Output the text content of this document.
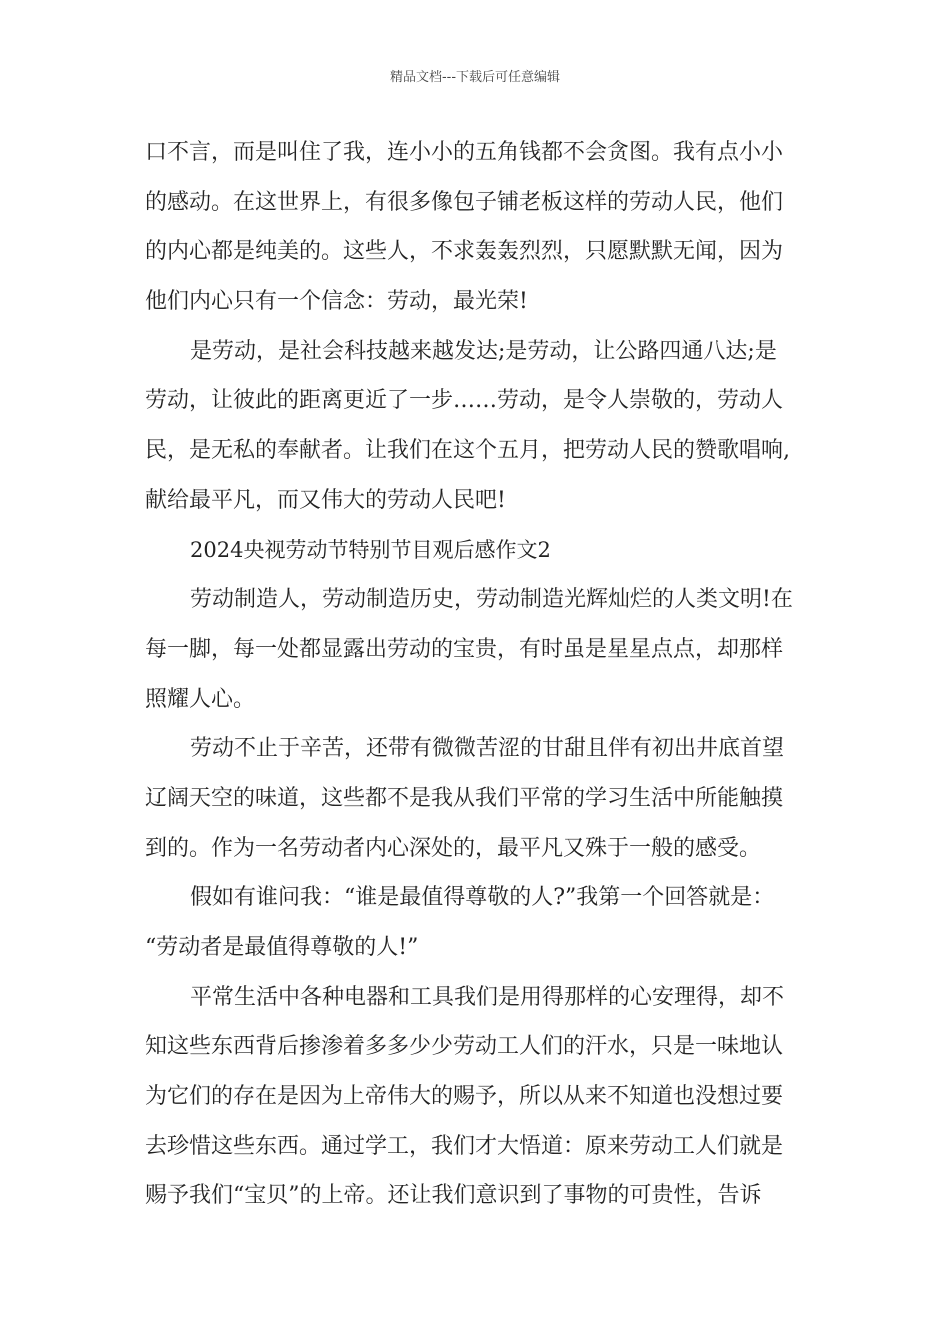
精品文档---下载后可任意编辑
口不言，而是叫住了我，连小小的五角钱都不会贪图。我有点小小
的感动。在这世界上，有很多像包子铺老板这样的劳动人民，他们
的内心都是纯美的。这些人，不求轰轰烈烈，只愿默默无闻，因为
他们内心只有一个信念：劳动，最光荣!
是劳动，是社会科技越来越发达;是劳动，让公路四通八达;是
劳动，让彼此的距离更近了一步……劳动，是令人崇敬的，劳动人
民，是无私的奉献者。让我们在这个五月，把劳动人民的赞歌唱响,
献给最平凡，而又伟大的劳动人民吧!
2024央视劳动节特别节目观后感作文2
劳动制造人，劳动制造历史，劳动制造光辉灿烂的人类文明!在
每一脚，每一处都显露出劳动的宝贵，有时虽是星星点点，却那样
照耀人心。
劳动不止于辛苦，还带有微微苦涩的甘甜且伴有初出井底首望
辽阔天空的味道，这些都不是我从我们平常的学习生活中所能触摸
到的。作为一名劳动者内心深处的，最平凡又殊于一般的感受。
假如有谁问我：“谁是最值得尊敬的人?”我第一个回答就是：
“劳动者是最值得尊敬的人!”
平常生活中各种电器和工具我们是用得那样的心安理得，却不
知这些东西背后掺渗着多多少少劳动工人们的汗水，只是一味地认
为它们的存在是因为上帝伟大的赐予，所以从来不知道也没想过要
去珍惜这些东西。通过学工，我们才大悟道：原来劳动工人们就是
赐予我们“宝贝”的上帝。还让我们意识到了事物的可贵性，告诉
